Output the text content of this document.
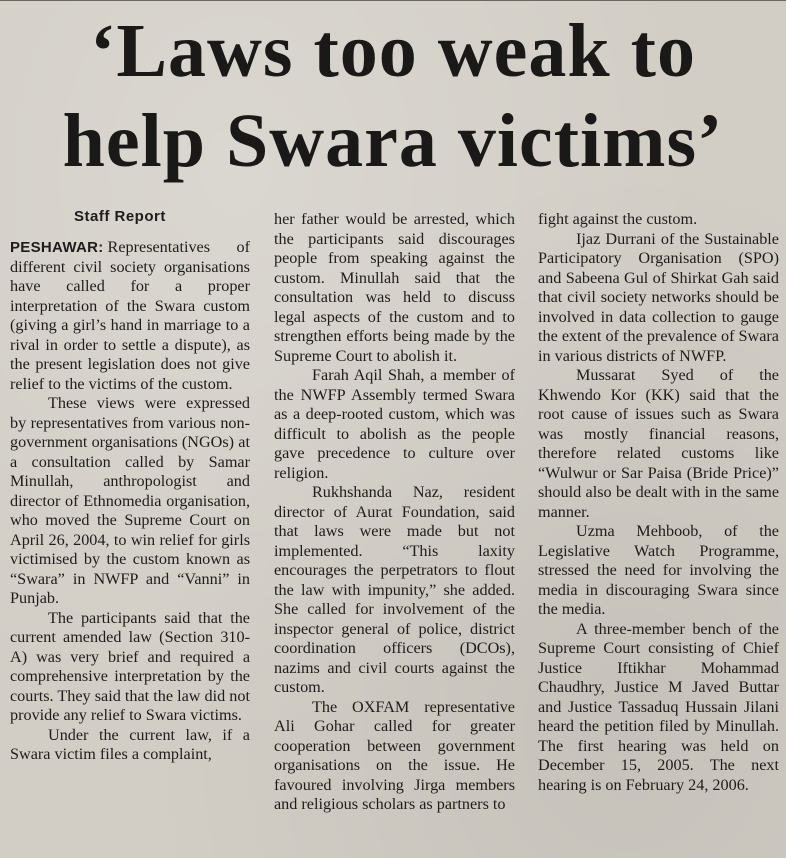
‘Laws too weak to
help Swara victims’
Staff Report

PESHAWAR: Representatives of different civil society organisations have called for a proper interpretation of the Swara custom (giving a girl’s hand in marriage to a rival in order to settle a dispute), as the present legislation does not give relief to the victims of the custom.

These views were expressed by representatives from various non-government organisations (NGOs) at a consultation called by Samar Minullah, anthropologist and director of Ethnomedia organisation, who moved the Supreme Court on April 26, 2004, to win relief for girls victimised by the custom known as “Swara” in NWFP and “Vanni” in Punjab.

The participants said that the current amended law (Section 310-A) was very brief and required a comprehensive interpretation by the courts. They said that the law did not provide any relief to Swara victims.

Under the current law, if a Swara victim files a complaint,

her father would be arrested, which the participants said discourages people from speaking against the custom. Minullah said that the consultation was held to discuss legal aspects of the custom and to strengthen efforts being made by the Supreme Court to abolish it.

Farah Aqil Shah, a member of the NWFP Assembly termed Swara as a deep-rooted custom, which was difficult to abolish as the people gave precedence to culture over religion.

Rukhshanda Naz, resident director of Aurat Foundation, said that laws were made but not implemented. “This laxity encourages the perpetrators to flout the law with impunity,” she added. She called for involvement of the inspector general of police, district coordination officers (DCOs), nazims and civil courts against the custom.

The OXFAM representative Ali Gohar called for greater cooperation between government organisations on the issue. He favoured involving Jirga members and religious scholars as partners to

fight against the custom.

Ijaz Durrani of the Sustainable Participatory Organisation (SPO) and Sabeena Gul of Shirkat Gah said that civil society networks should be involved in data collection to gauge the extent of the prevalence of Swara in various districts of NWFP.

Mussarat Syed of the Khwendo Kor (KK) said that the root cause of issues such as Swara was mostly financial reasons, therefore related customs like “Wulwur or Sar Paisa (Bride Price)” should also be dealt with in the same manner.

Uzma Mehboob, of the Legislative Watch Programme, stressed the need for involving the media in discouraging Swara since the media.

A three-member bench of the Supreme Court consisting of Chief Justice Iftikhar Mohammad Chaudhry, Justice M Javed Buttar and Justice Tassaduq Hussain Jilani heard the petition filed by Minullah. The first hearing was held on December 15, 2005. The next hearing is on February 24, 2006.
